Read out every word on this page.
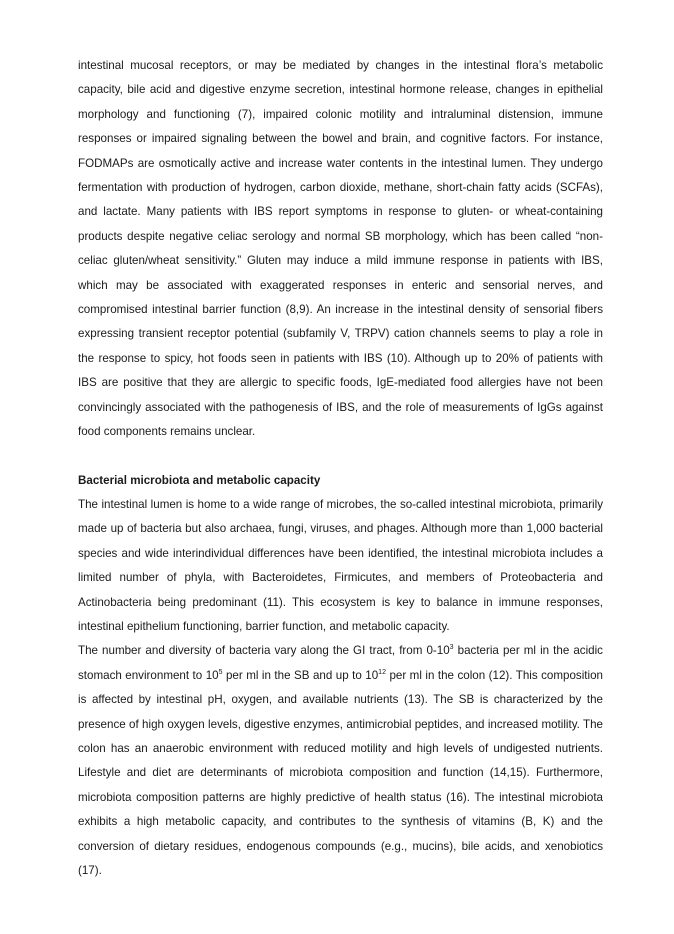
intestinal mucosal receptors, or may be mediated by changes in the intestinal flora’s metabolic capacity, bile acid and digestive enzyme secretion, intestinal hormone release, changes in epithelial morphology and functioning (7), impaired colonic motility and intraluminal distension, immune responses or impaired signaling between the bowel and brain, and cognitive factors. For instance, FODMAPs are osmotically active and increase water contents in the intestinal lumen. They undergo fermentation with production of hydrogen, carbon dioxide, methane, short-chain fatty acids (SCFAs), and lactate. Many patients with IBS report symptoms in response to gluten- or wheat-containing products despite negative celiac serology and normal SB morphology, which has been called “non-celiac gluten/wheat sensitivity.” Gluten may induce a mild immune response in patients with IBS, which may be associated with exaggerated responses in enteric and sensorial nerves, and compromised intestinal barrier function (8,9). An increase in the intestinal density of sensorial fibers expressing transient receptor potential (subfamily V, TRPV) cation channels seems to play a role in the response to spicy, hot foods seen in patients with IBS (10). Although up to 20% of patients with IBS are positive that they are allergic to specific foods, IgE-mediated food allergies have not been convincingly associated with the pathogenesis of IBS, and the role of measurements of IgGs against food components remains unclear.

Bacterial microbiota and metabolic capacity

The intestinal lumen is home to a wide range of microbes, the so-called intestinal microbiota, primarily made up of bacteria but also archaea, fungi, viruses, and phages. Although more than 1,000 bacterial species and wide interindividual differences have been identified, the intestinal microbiota includes a limited number of phyla, with Bacteroidetes, Firmicutes, and members of Proteobacteria and Actinobacteria being predominant (11). This ecosystem is key to balance in immune responses, intestinal epithelium functioning, barrier function, and metabolic capacity.

The number and diversity of bacteria vary along the GI tract, from $0-10^3$ bacteria per ml in the acidic stomach environment to $10^5$ per ml in the SB and up to $10^{12}$ per ml in the colon (12). This composition is affected by intestinal pH, oxygen, and available nutrients (13). The SB is characterized by the presence of high oxygen levels, digestive enzymes, antimicrobial peptides, and increased motility. The colon has an anaerobic environment with reduced motility and high levels of undigested nutrients. Lifestyle and diet are determinants of microbiota composition and function (14,15). Furthermore, microbiota composition patterns are highly predictive of health status (16). The intestinal microbiota exhibits a high metabolic capacity, and contributes to the synthesis of vitamins (B, K) and the conversion of dietary residues, endogenous compounds (e.g., mucins), bile acids, and xenobiotics (17).
